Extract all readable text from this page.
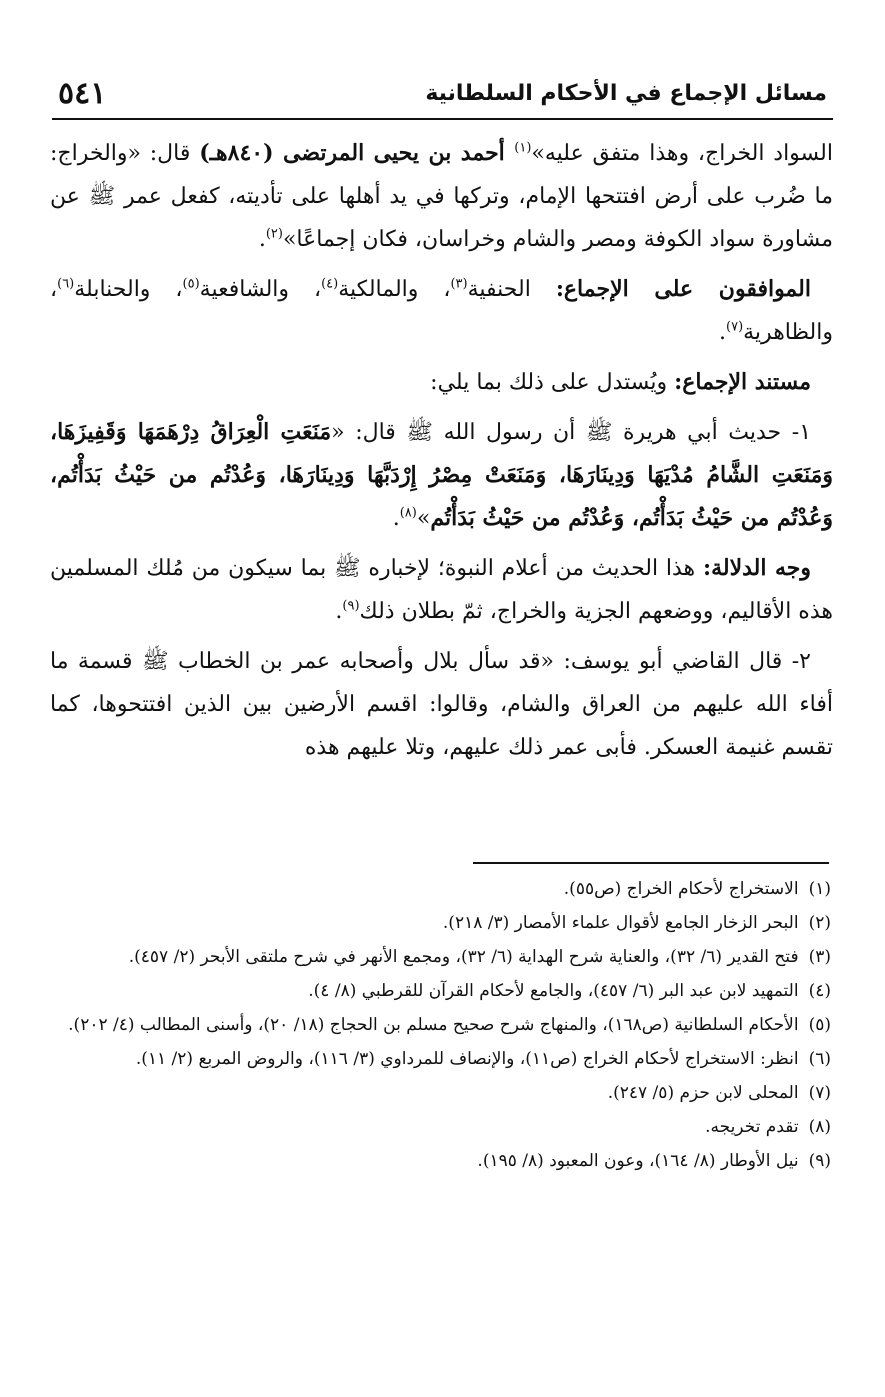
٥٤١	مسائل الإجماع في الأحكام السلطانية

السواد الخراج، وهذا متفق عليه»$^{(١)}$ أحمد بن يحيى المرتضى (٨٤٠هـ) قال: «والخراج: ما ضُرب على أرض افتتحها الإمام، وتركها في يد أهلها على تأديته، كفعل عمر ﷺ عن مشاورة سواد الكوفة ومصر والشام وخراسان، فكان إجماعًا»$^{(٢)}$.

الموافقون على الإجماع: الحنفية$^{(٣)}$، والمالكية$^{(٤)}$، والشافعية$^{(٥)}$، والحنابلة$^{(٦)}$، والظاهرية$^{(٧)}$.

مستند الإجماع: ويُستدل على ذلك بما يلي:

١- حديث أبي هريرة ﷺ أن رسول الله ﷺ قال: «مَنَعَتِ الْعِرَاقُ دِرْهَمَهَا وَقَفِيزَهَا، وَمَنَعَتِ الشَّامُ مُدْيَهَا وَدِينَارَهَا، وَمَنَعَتْ مِصْرُ إِرْدَبَّهَا وَدِينَارَهَا، وَعُدْتُم من حَيْثُ بَدَأْتُم، وَعُدْتُم من حَيْثُ بَدَأْتُم، وَعُدْتُم من حَيْثُ بَدَأْتُم»$^{(٨)}$.

وجه الدلالة: هذا الحديث من أعلام النبوة؛ لإخباره ﷺ بما سيكون من مُلك المسلمين هذه الأقاليم، ووضعهم الجزية والخراج، ثمّ بطلان ذلك$^{(٩)}$.

٢- قال القاضي أبو يوسف: «قد سأل بلال وأصحابه عمر بن الخطاب ﷺ قسمة ما أفاء الله عليهم من العراق والشام، وقالوا: اقسم الأرضين بين الذين افتتحوها، كما تقسم غنيمة العسكر. فأبى عمر ذلك عليهم، وتلا عليهم هذه

(١)
الاستخراج لأحكام الخراج (ص٥٥).

(٢)
البحر الزخار الجامع لأقوال علماء الأمصار (٣/ ٢١٨).

(٣)
فتح القدير (٦/ ٣٢)، والعناية شرح الهداية (٦/ ٣٢)، ومجمع الأنهر في شرح ملتقى الأبحر (٢/ ٤٥٧).

(٤)
التمهيد لابن عبد البر (٦/ ٤٥٧)، والجامع لأحكام القرآن للقرطبي (٨/ ٤).

(٥)
الأحكام السلطانية (ص١٦٨)، والمنهاج شرح صحيح مسلم بن الحجاج (١٨/ ٢٠)، وأسنى المطالب (٤/ ٢٠٢).

(٦)
انظر: الاستخراج لأحكام الخراج (ص١١)، والإنصاف للمرداوي (٣/ ١١٦)، والروض المربع (٢/ ١١).

(٧)
المحلى لابن حزم (٥/ ٢٤٧).

(٨)
تقدم تخريجه.

(٩)
نيل الأوطار (٨/ ١٦٤)، وعون المعبود (٨/ ١٩٥).
